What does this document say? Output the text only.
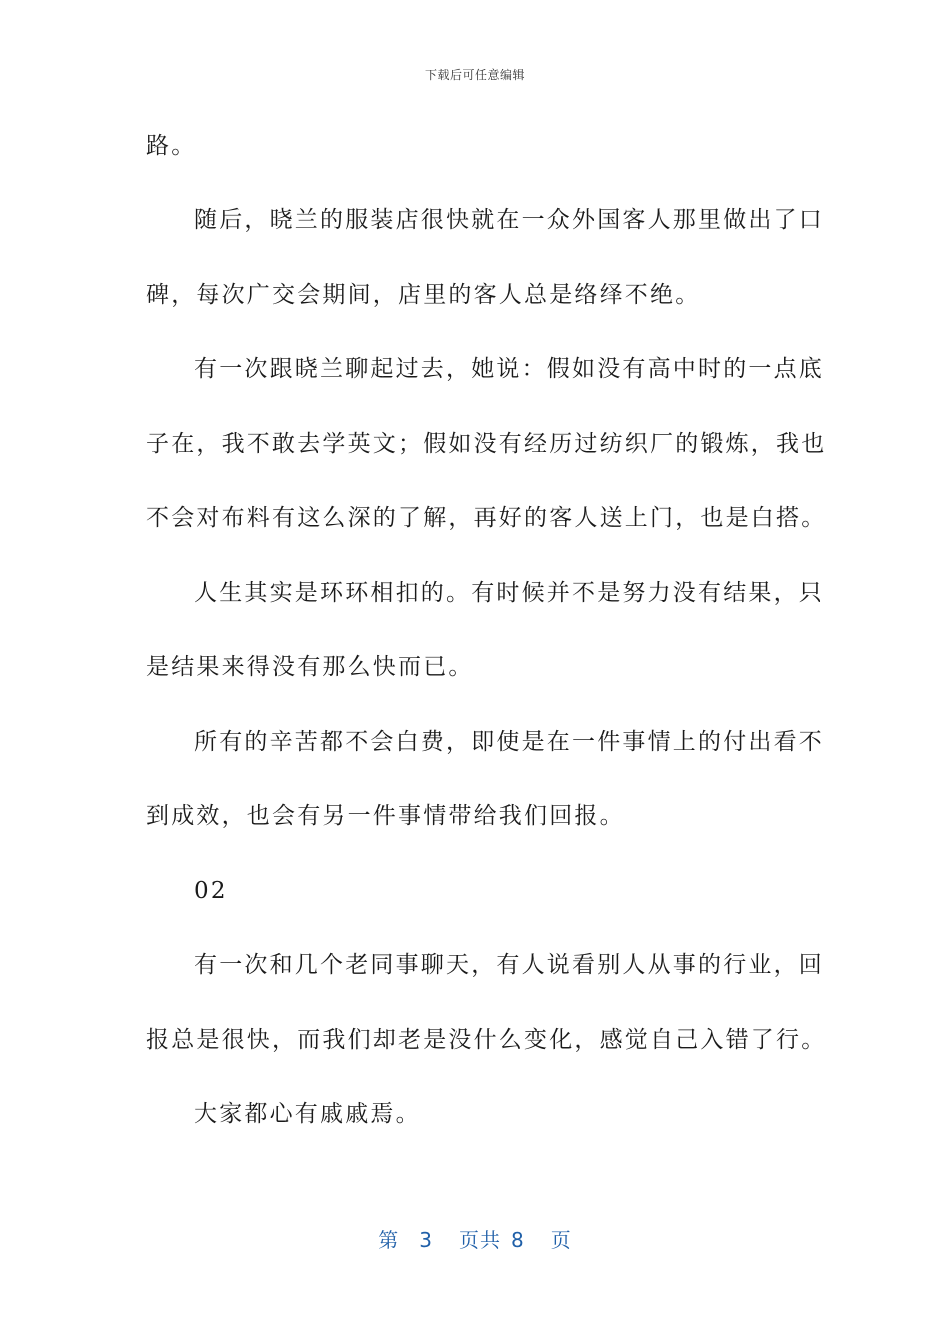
下载后可任意编辑
路。
随后，晓兰的服装店很快就在一众外国客人那里做出了口
碑，每次广交会期间，店里的客人总是络绎不绝。
有一次跟晓兰聊起过去，她说：假如没有高中时的一点底
子在，我不敢去学英文；假如没有经历过纺织厂的锻炼，我也
不会对布料有这么深的了解，再好的客人送上门，也是白搭。
人生其实是环环相扣的。有时候并不是努力没有结果，只
是结果来得没有那么快而已。
所有的辛苦都不会白费，即使是在一件事情上的付出看不
到成效，也会有另一件事情带给我们回报。
02
有一次和几个老同事聊天，有人说看别人从事的行业，回
报总是很快，而我们却老是没什么变化，感觉自己入错了行。
大家都心有戚戚焉。
第 3 页共 8 页
